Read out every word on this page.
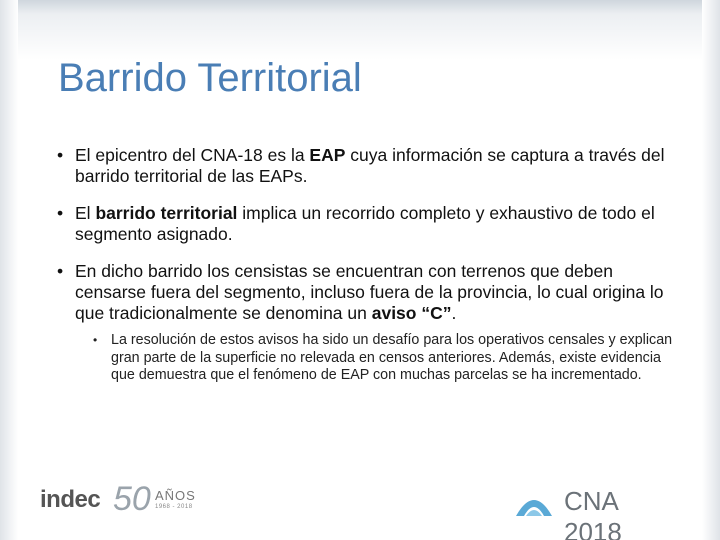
Barrido Territorial
• El epicentro del CNA-18 es la EAP cuya información se captura a través del barrido territorial de las EAPs.
• El barrido territorial implica un recorrido completo y exhaustivo de todo el segmento asignado.
• En dicho barrido los censistas se encuentran con terrenos que deben censarse fuera del segmento, incluso fuera de la provincia, lo cual origina lo que tradicionalmente se denomina un aviso “C”.
• La resolución de estos avisos ha sido un desafío para los operativos censales y explican gran parte de la superficie no relevada en censos anteriores. Además, existe evidencia que demuestra que el fenómeno de EAP con muchas parcelas se ha incrementado.
indec 50 AÑOS
1968 - 2018	CNA 2018
